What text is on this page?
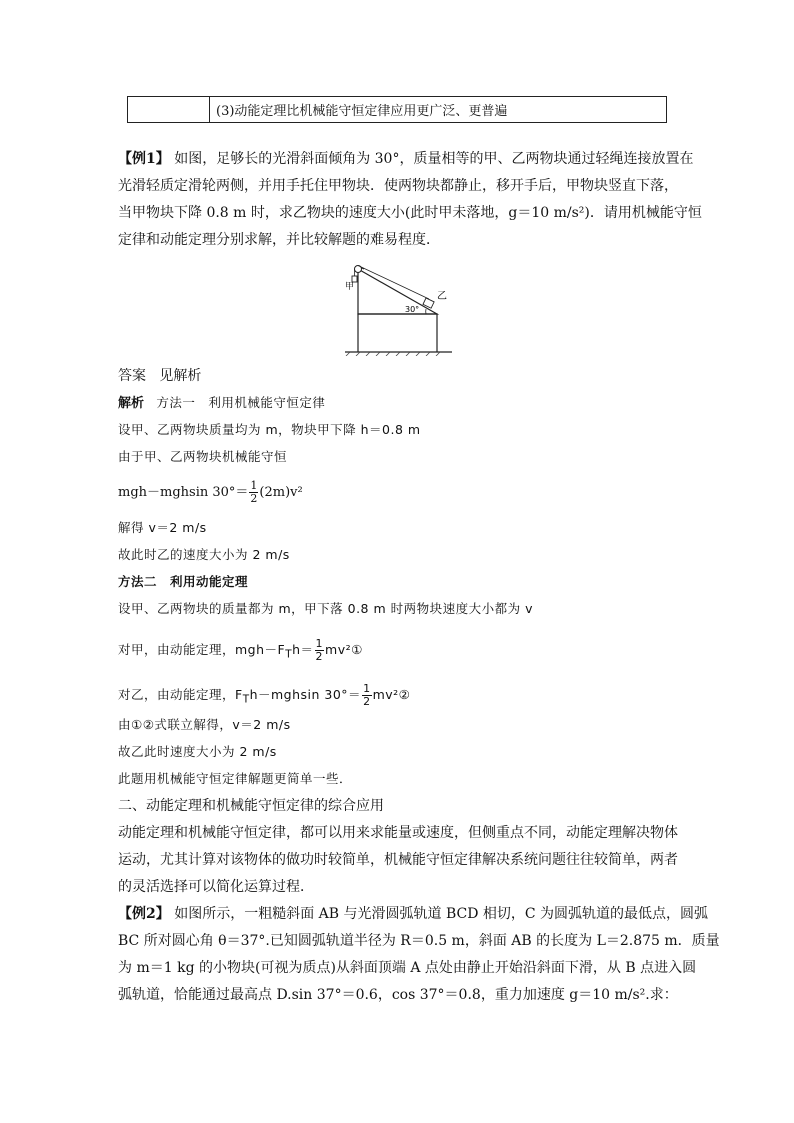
	(3)动能定理比机械能守恒定律应用更广泛、更普遍
【例1】 如图，足够长的光滑斜面倾角为 30°，质量相等的甲、乙两物块通过轻绳连接放置在
光滑轻质定滑轮两侧，并用手托住甲物块．使两物块都静止，移开手后，甲物块竖直下落，
当甲物块下降 0.8 m 时，求乙物块的速度大小(此时甲未落地，g＝10 m/s²)．请用机械能守恒
定律和动能定理分别求解，并比较解题的难易程度．
甲
乙
30°
答案 见解析
解析 方法一　利用机械能守恒定律
设甲、乙两物块质量均为 m，物块甲下降 h＝0.8 m
由于甲、乙两物块机械能守恒
mgh－mghsin $30^\circ= \frac{1}{2} (2m)v^2$
解得 v＝2 m/s
故此时乙的速度大小为 2 m/s
方法二　利用动能定理
设甲、乙两物块的质量都为 m，甲下落 0.8 m 时两物块速度大小都为 v
对甲，由动能定理，$mgh-F_Th= \frac{1}{2}$ mv²①
对乙，由动能定理，$F_Th-mghsin$ $30^\circ= \frac{1}{2}$ mv²②
由①②式联立解得，v＝2 m/s
故乙此时速度大小为 2 m/s
此题用机械能守恒定律解题更简单一些．
二、动能定理和机械能守恒定律的综合应用
动能定理和机械能守恒定律，都可以用来求能量或速度，但侧重点不同，动能定理解决物体
运动，尤其计算对该物体的做功时较简单，机械能守恒定律解决系统问题往往较简单，两者
的灵活选择可以简化运算过程．
【例2】 如图所示，一粗糙斜面 AB 与光滑圆弧轨道 BCD 相切，C 为圆弧轨道的最低点，圆弧
BC 所对圆心角 θ＝37°.已知圆弧轨道半径为 R＝0.5 m，斜面 AB 的长度为 L＝2.875 m．质量
为 m＝1 kg 的小物块(可视为质点)从斜面顶端 A 点处由静止开始沿斜面下滑，从 B 点进入圆
弧轨道，恰能通过最高点 D.sin 37°＝0.6，cos 37°＝0.8，重力加速度 g＝10 m/s².求：
